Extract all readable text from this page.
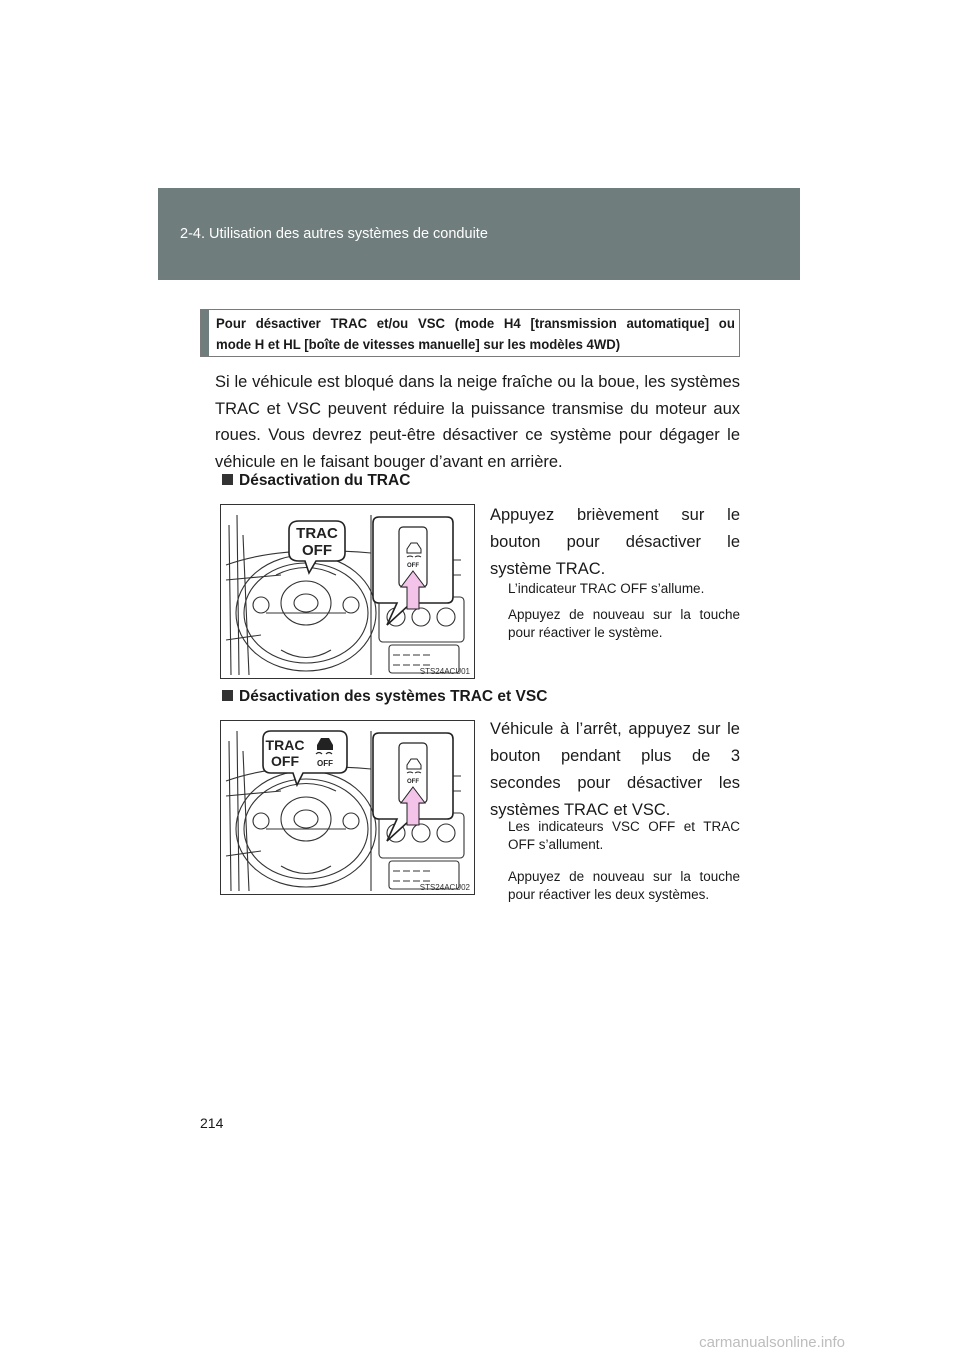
2-4. Utilisation des autres systèmes de conduite
Pour désactiver TRAC et/ou VSC (mode H4 [transmission automatique] ou
mode H et HL [boîte de vitesses manuelle] sur les modèles 4WD)
Si le véhicule est bloqué dans la neige fraîche ou la boue, les systèmes TRAC et VSC peuvent réduire la puissance transmise du moteur aux roues. Vous devrez peut-être désactiver ce système pour dégager le véhicule en le faisant bouger d’avant en arrière.
Désactivation du TRAC
TRAC
OFF
OFF
STS24ACU01
Appuyez brièvement sur le bouton pour désactiver le système TRAC.
L’indicateur TRAC OFF s’allume.
Appuyez de nouveau sur la touche pour réactiver le système.
Désactivation des systèmes TRAC et VSC
TRAC
OFF OFF
OFF
STS24ACU02
Véhicule à l’arrêt, appuyez sur le bouton pendant plus de 3 secondes pour désactiver les systèmes TRAC et VSC.
Les indicateurs VSC OFF et TRAC OFF s’allument.
Appuyez de nouveau sur la touche pour réactiver les deux systèmes.
214
carmanualsonline.info
